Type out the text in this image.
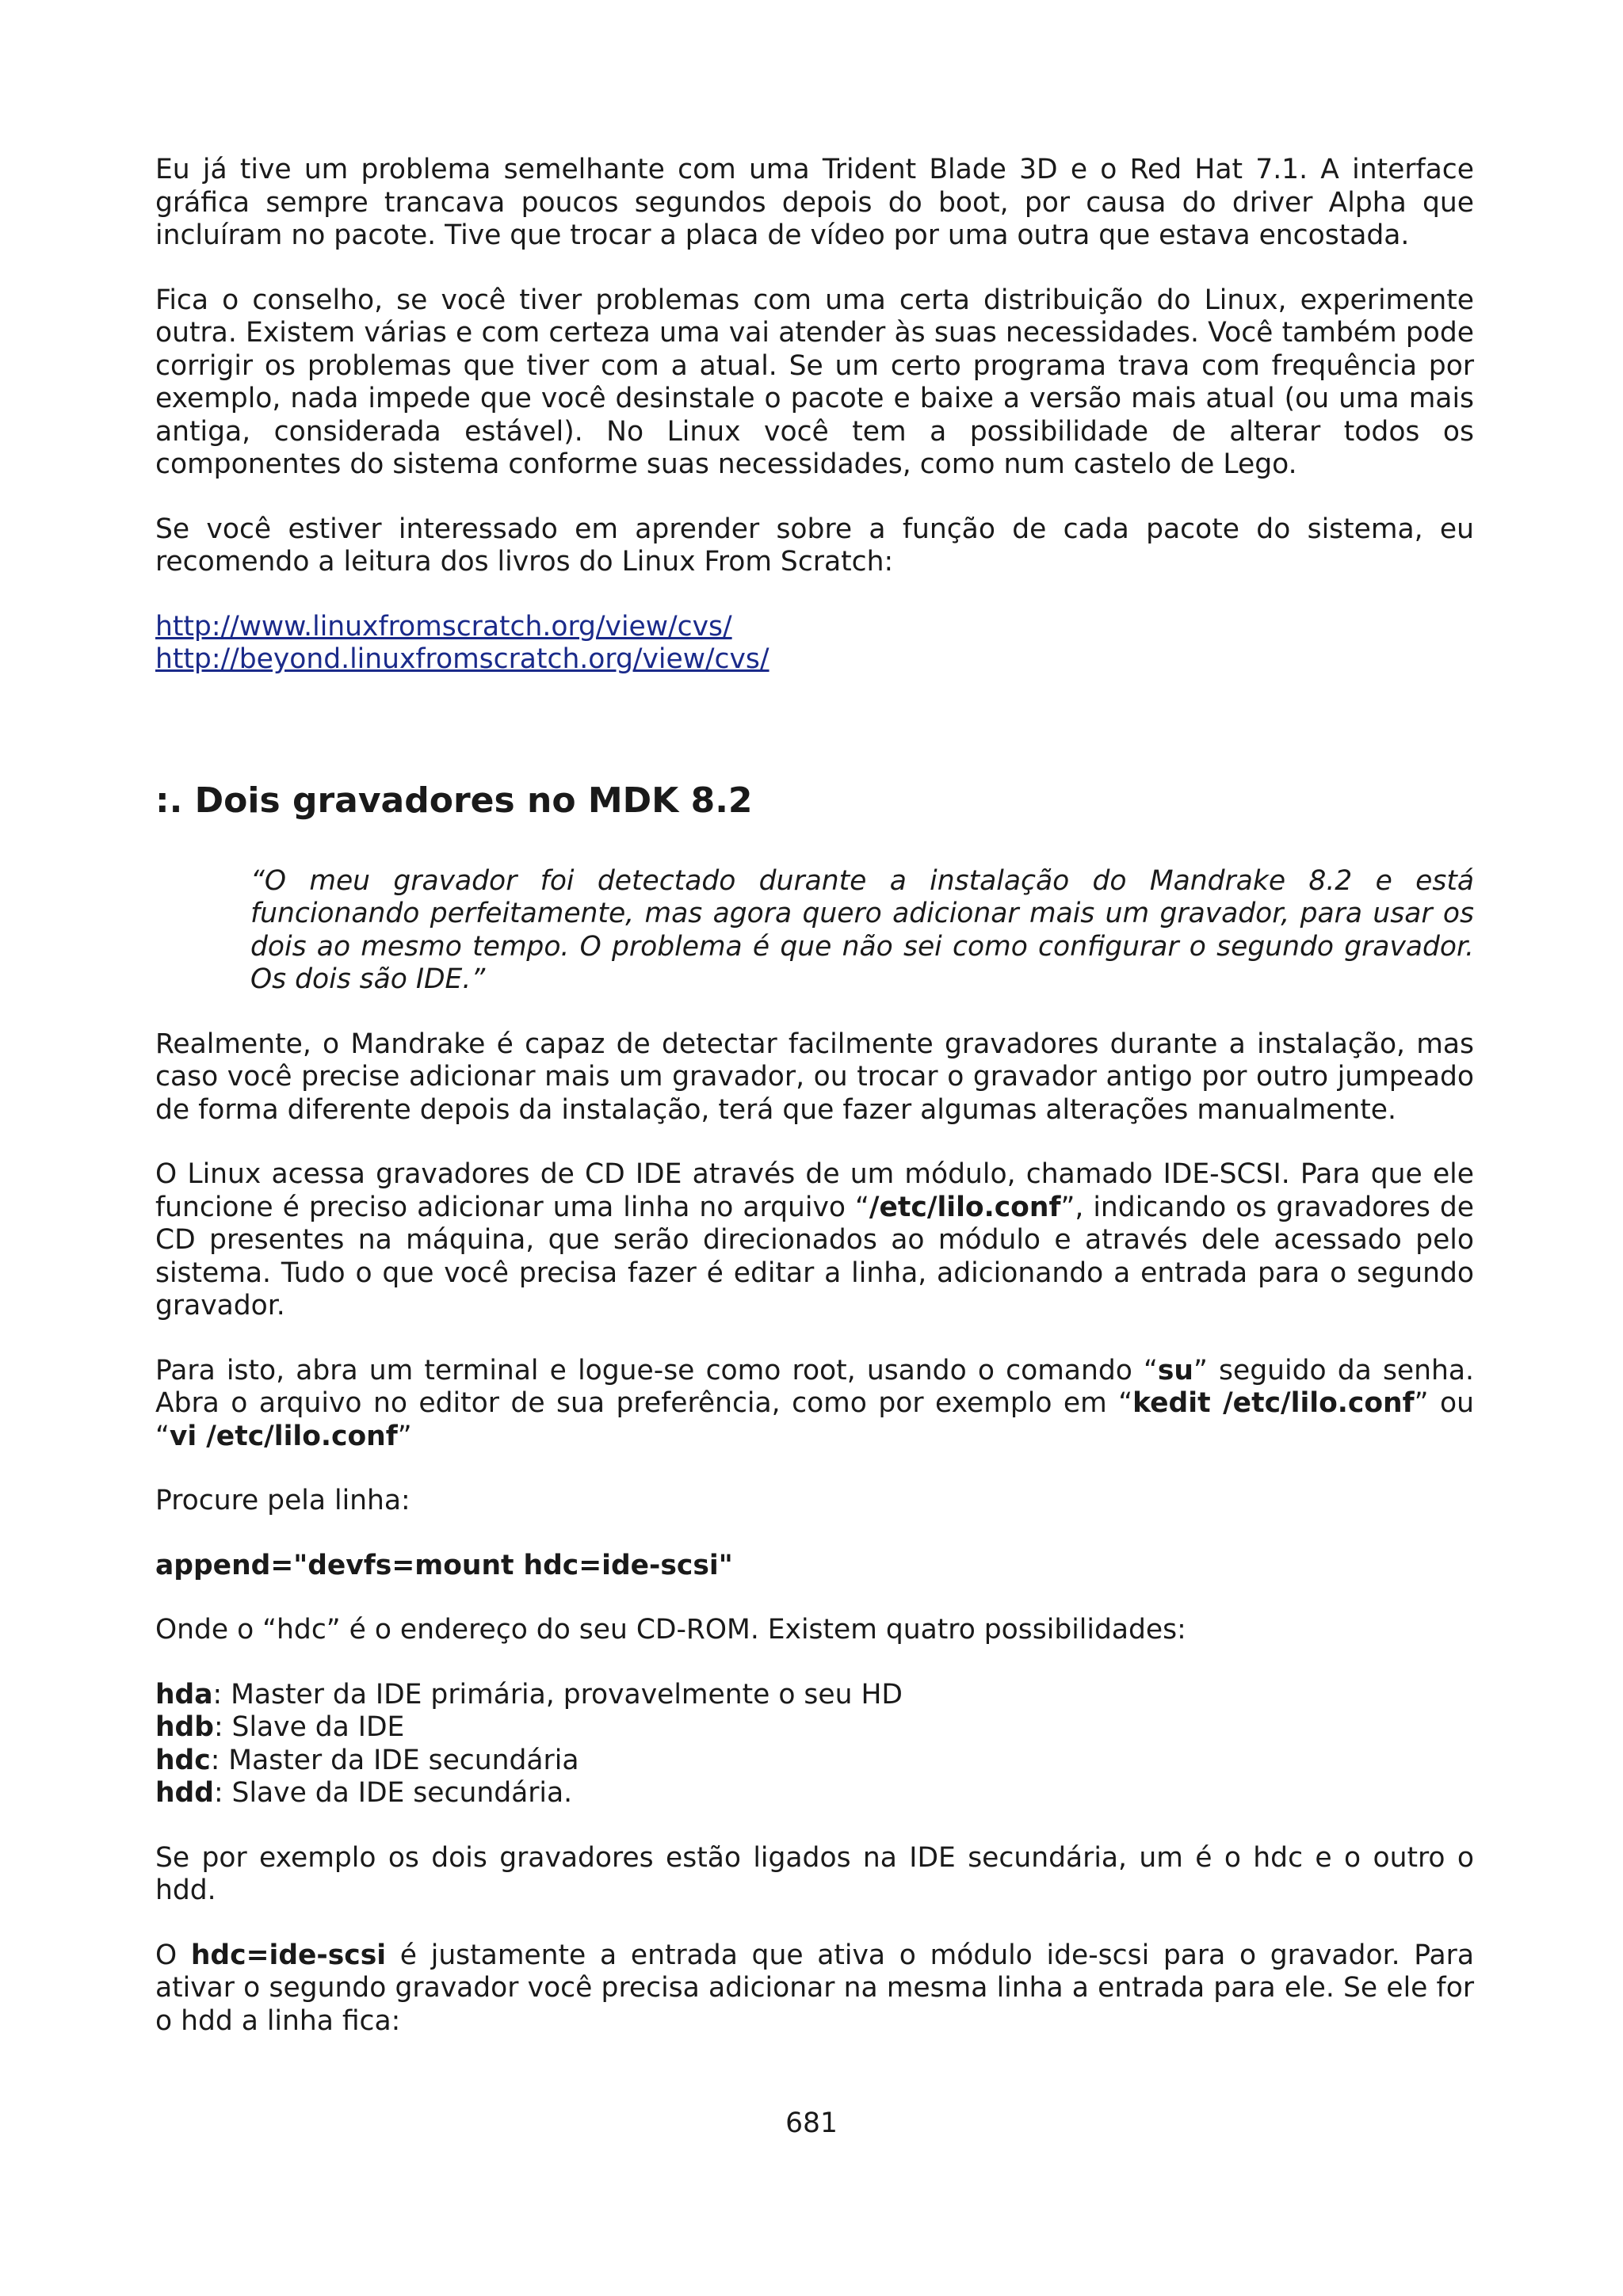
Eu já tive um problema semelhante com uma Trident Blade 3D e o Red Hat 7.1. A interface gráfica sempre trancava poucos segundos depois do boot, por causa do driver Alpha que incluíram no pacote. Tive que trocar a placa de vídeo por uma outra que estava encostada.

Fica o conselho, se você tiver problemas com uma certa distribuição do Linux, experimente outra. Existem várias e com certeza uma vai atender às suas necessidades. Você também pode corrigir os problemas que tiver com a atual. Se um certo programa trava com frequência por exemplo, nada impede que você desinstale o pacote e baixe a versão mais atual (ou uma mais antiga, considerada estável). No Linux você tem a possibilidade de alterar todos os componentes do sistema conforme suas necessidades, como num castelo de Lego.

Se você estiver interessado em aprender sobre a função de cada pacote do sistema, eu recomendo a leitura dos livros do Linux From Scratch:

http://www.linuxfromscratch.org/view/cvs/
http://beyond.linuxfromscratch.org/view/cvs/
:. Dois gravadores no MDK 8.2

“O meu gravador foi detectado durante a instalação do Mandrake 8.2 e está funcionando perfeitamente, mas agora quero adicionar mais um gravador, para usar os dois ao mesmo tempo. O problema é que não sei como configurar o segundo gravador. Os dois são IDE.”

Realmente, o Mandrake é capaz de detectar facilmente gravadores durante a instalação, mas caso você precise adicionar mais um gravador, ou trocar o gravador antigo por outro jumpeado de forma diferente depois da instalação, terá que fazer algumas alterações manualmente.

O Linux acessa gravadores de CD IDE através de um módulo, chamado IDE-SCSI. Para que ele funcione é preciso adicionar uma linha no arquivo “/etc/lilo.conf”, indicando os gravadores de CD presentes na máquina, que serão direcionados ao módulo e através dele acessado pelo sistema. Tudo o que você precisa fazer é editar a linha, adicionando a entrada para o segundo gravador.

Para isto, abra um terminal e logue-se como root, usando o comando “su” seguido da senha. Abra o arquivo no editor de sua preferência, como por exemplo em “kedit /etc/lilo.conf” ou “vi /etc/lilo.conf”

Procure pela linha:

append="devfs=mount hdc=ide-scsi"

Onde o “hdc” é o endereço do seu CD-ROM. Existem quatro possibilidades:

hda: Master da IDE primária, provavelmente o seu HD
hdb: Slave da IDE
hdc: Master da IDE secundária
hdd: Slave da IDE secundária.

Se por exemplo os dois gravadores estão ligados na IDE secundária, um é o hdc e o outro o hdd.

O hdc=ide-scsi é justamente a entrada que ativa o módulo ide-scsi para o gravador. Para ativar o segundo gravador você precisa adicionar na mesma linha a entrada para ele. Se ele for o hdd a linha fica:

681
